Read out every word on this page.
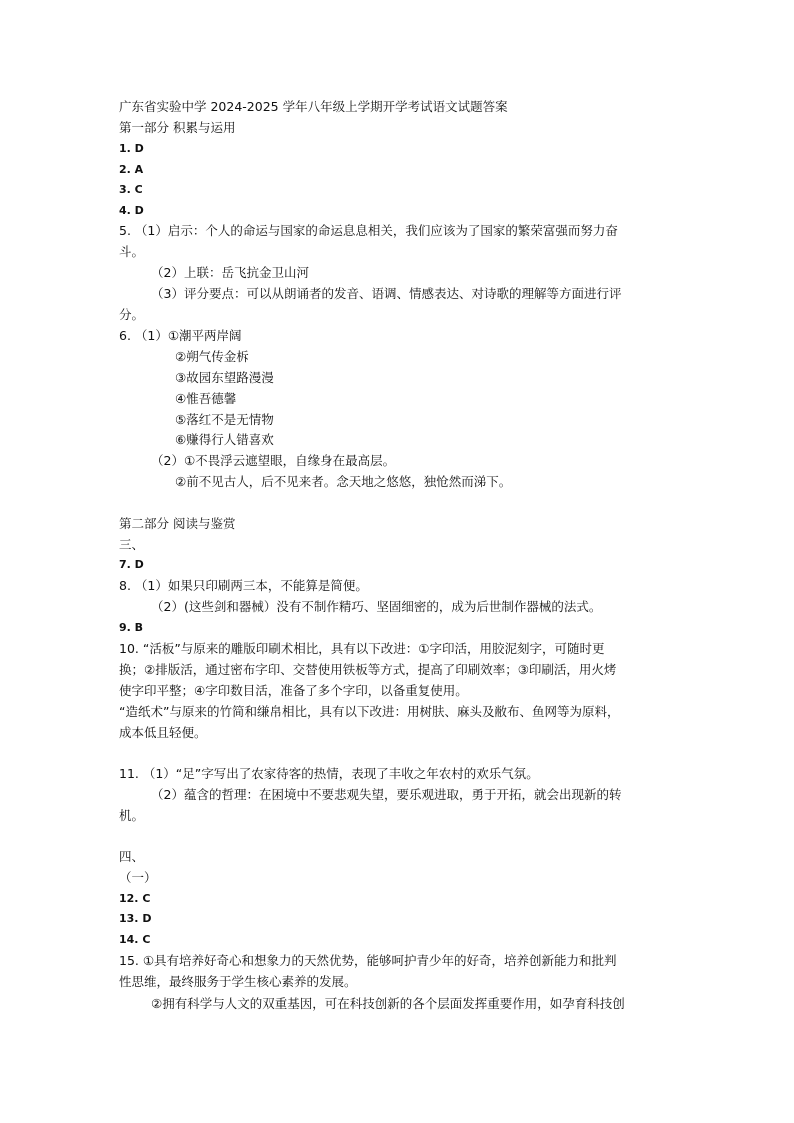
广东省实验中学 2024-2025 学年八年级上学期开学考试语文试题答案
第一部分 积累与运用
1. D
2. A
3. C
4. D
5. （1）启示：个人的命运与国家的命运息息相关，我们应该为了国家的繁荣富强而努力奋
斗。
（2）上联：岳飞抗金卫山河
（3）评分要点：可以从朗诵者的发音、语调、情感表达、对诗歌的理解等方面进行评
分。
6. （1）①潮平两岸阔
②朔气传金柝
③故园东望路漫漫
④惟吾德馨
⑤落红不是无情物
⑥赚得行人错喜欢
（2）①不畏浮云遮望眼，自缘身在最高层。
②前不见古人，后不见来者。念天地之悠悠，独怆然而涕下。
第二部分 阅读与鉴赏
三、
7. D
8. （1）如果只印刷两三本，不能算是简便。
（2）(这些剑和器械）没有不制作精巧、坚固细密的，成为后世制作器械的法式。
9. B
10. “活板”与原来的雕版印刷术相比，具有以下改进：①字印活，用胶泥刻字，可随时更
换；②排版活，通过密布字印、交替使用铁板等方式，提高了印刷效率；③印刷活，用火烤
使字印平整；④字印数目活，准备了多个字印，以备重复使用。
“造纸术”与原来的竹简和缣帛相比，具有以下改进：用树肤、麻头及敝布、鱼网等为原料，
成本低且轻便。
11. （1）“足”字写出了农家待客的热情，表现了丰收之年农村的欢乐气氛。
（2）蕴含的哲理：在困境中不要悲观失望，要乐观进取，勇于开拓，就会出现新的转
机。
四、
（一）
12. C
13. D
14. C
15. ①具有培养好奇心和想象力的天然优势，能够呵护青少年的好奇，培养创新能力和批判
性思维，最终服务于学生核心素养的发展。
②拥有科学与人文的双重基因，可在科技创新的各个层面发挥重要作用，如孕育科技创
